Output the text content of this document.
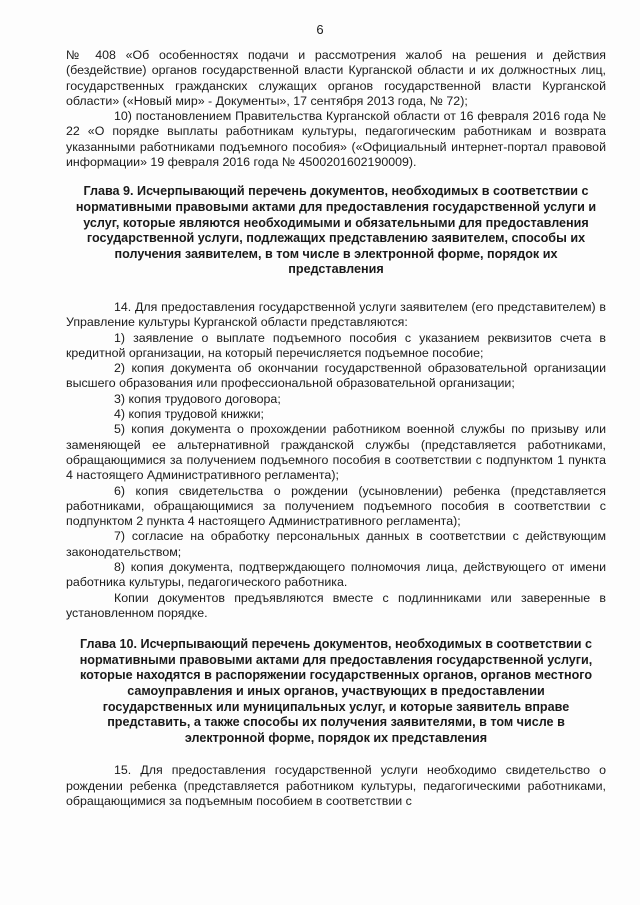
6

№ 408 «Об особенностях подачи и рассмотрения жалоб на решения и действия (бездействие) органов государственной власти Курганской области и их должностных лиц, государственных гражданских служащих органов государственной власти Курганской области» («Новый мир» - Документы», 17 сентября 2013 года, № 72);

10) постановлением Правительства Курганской области от 16 февраля 2016 года № 22 «О порядке выплаты работникам культуры, педагогическим работникам и возврата указанными работниками подъемного пособия» («Официальный интернет-портал правовой информации» 19 февраля 2016 года № 4500201602190009).

Глава 9. Исчерпывающий перечень документов, необходимых в соответствии с нормативными правовыми актами для предоставления государственной услуги и услуг, которые являются необходимыми и обязательными для предоставления государственной услуги, подлежащих представлению заявителем, способы их получения заявителем, в том числе в электронной форме, порядок их представления

14. Для предоставления государственной услуги заявителем (его представителем) в Управление культуры Курганской области представляются:

1) заявление о выплате подъемного пособия с указанием реквизитов счета в кредитной организации, на который перечисляется подъемное пособие;

2) копия документа об окончании государственной образовательной организации высшего образования или профессиональной образовательной организации;

3) копия трудового договора;

4) копия трудовой книжки;

5) копия документа о прохождении работником военной службы по призыву или заменяющей ее альтернативной гражданской службы (представляется работниками, обращающимися за получением подъемного пособия в соответствии с подпунктом 1 пункта 4 настоящего Административного регламента);

6) копия свидетельства о рождении (усыновлении) ребенка (представляется работниками, обращающимися за получением подъемного пособия в соответствии с подпунктом 2 пункта 4 настоящего Административного регламента);

7) согласие на обработку персональных данных в соответствии с действующим законодательством;

8) копия документа, подтверждающего полномочия лица, действующего от имени работника культуры, педагогического работника.

Копии документов предъявляются вместе с подлинниками или заверенные в установленном порядке.

Глава 10. Исчерпывающий перечень документов, необходимых в соответствии с нормативными правовыми актами для предоставления государственной услуги, которые находятся в распоряжении государственных органов, органов местного самоуправления и иных органов, участвующих в предоставлении государственных или муниципальных услуг, и которые заявитель вправе представить, а также способы их получения заявителями, в том числе в электронной форме, порядок их представления

15. Для предоставления государственной услуги необходимо свидетельство о рождении ребенка (представляется работником культуры, педагогическими работниками, обращающимися за подъемным пособием в соответствии с
